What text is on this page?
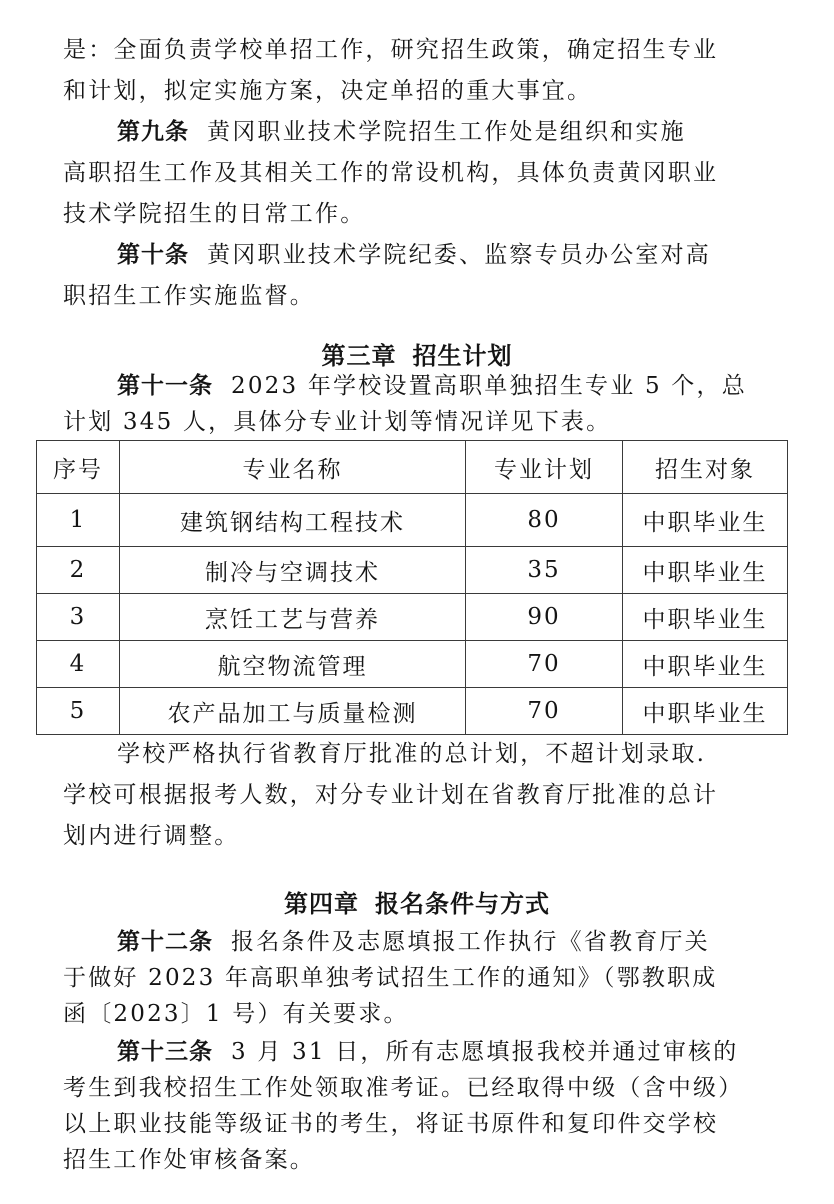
是：全面负责学校单招工作，研究招生政策，确定招生专业
和计划，拟定实施方案，决定单招的重大事宜。
第九条 黄冈职业技术学院招生工作处是组织和实施
高职招生工作及其相关工作的常设机构，具体负责黄冈职业
技术学院招生的日常工作。
第十条 黄冈职业技术学院纪委、监察专员办公室对高
职招生工作实施监督。
第三章 招生计划
第十一条 2023 年学校设置高职单独招生专业 5 个，总
计划 345 人，具体分专业计划等情况详见下表。
序号	专业名称	专业计划	招生对象
1	建筑钢结构工程技术	80	中职毕业生
2	制冷与空调技术	35	中职毕业生
3	烹饪工艺与营养	90	中职毕业生
4	航空物流管理	70	中职毕业生
5	农产品加工与质量检测	70	中职毕业生
学校严格执行省教育厅批准的总计划，不超计划录取.
学校可根据报考人数，对分专业计划在省教育厅批准的总计
划内进行调整。
第四章 报名条件与方式
第十二条 报名条件及志愿填报工作执行《省教育厅关
于做好 2023 年高职单独考试招生工作的通知》（鄂教职成
函〔2023〕1 号）有关要求。
第十三条 3 月 31 日，所有志愿填报我校并通过审核的
考生到我校招生工作处领取准考证。已经取得中级（含中级）
以上职业技能等级证书的考生，将证书原件和复印件交学校
招生工作处审核备案。
